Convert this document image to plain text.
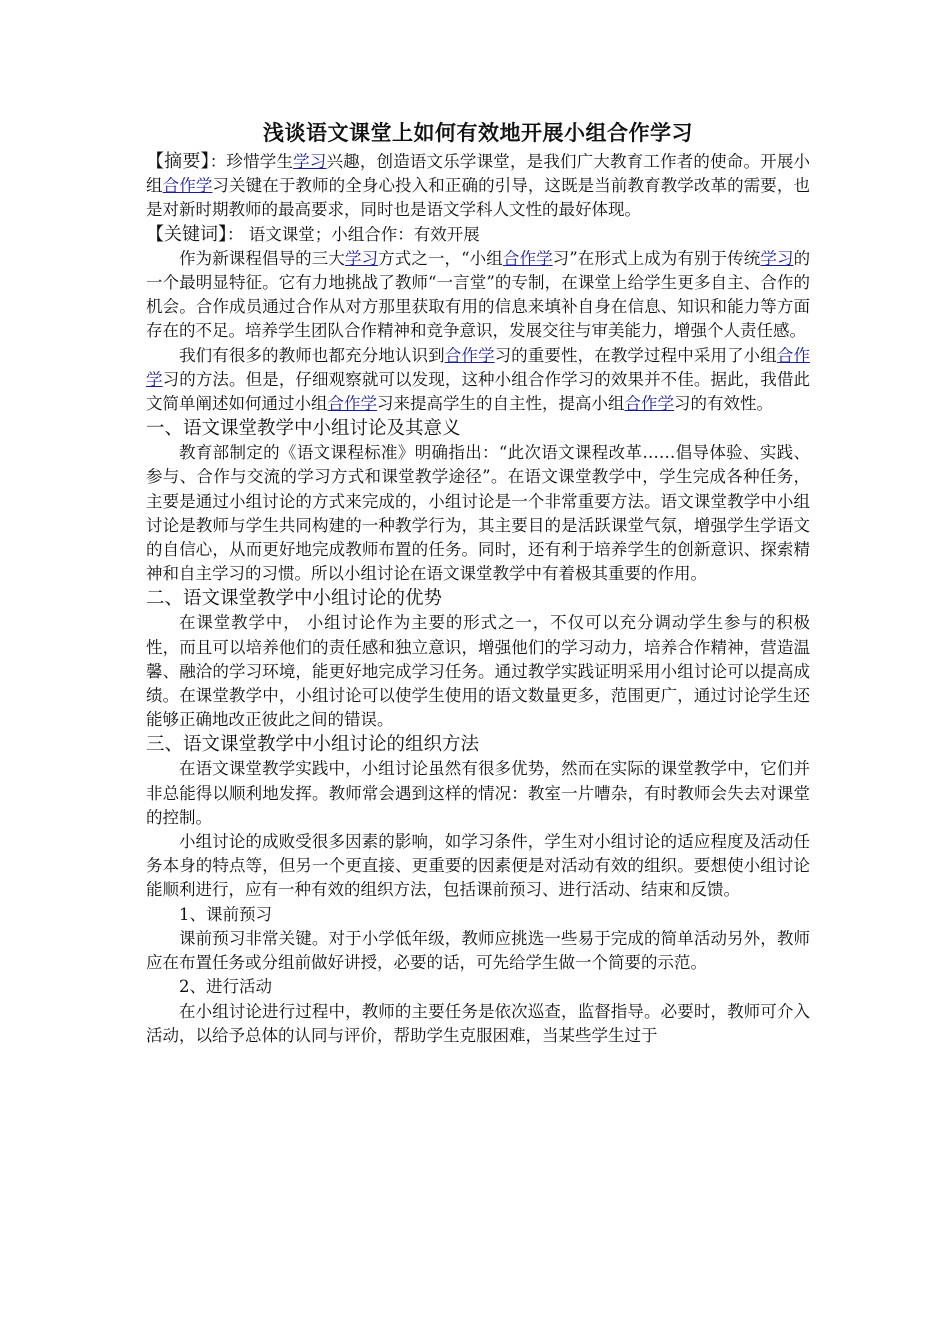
浅谈语文课堂上如何有效地开展小组合作学习

【摘要】：珍惜学生学习兴趣，创造语文乐学课堂，是我们广大教育工作者的使命。开展小组合作学习关键在于教师的全身心投入和正确的引导，这既是当前教育教学改革的需要，也是对新时期教师的最高要求，同时也是语文学科人文性的最好体现。

【关键词】： 语文课堂；小组合作：有效开展

作为新课程倡导的三大学习方式之一，“小组合作学习”在形式上成为有别于传统学习的一个最明显特征。它有力地挑战了教师“一言堂”的专制，在课堂上给学生更多自主、合作的机会。合作成员通过合作从对方那里获取有用的信息来填补自身在信息、知识和能力等方面存在的不足。培养学生团队合作精神和竞争意识，发展交往与审美能力，增强个人责任感。

我们有很多的教师也都充分地认识到合作学习的重要性，在教学过程中采用了小组合作学习的方法。但是，仔细观察就可以发现，这种小组合作学习的效果并不佳。据此，我借此文简单阐述如何通过小组合作学习来提高学生的自主性，提高小组合作学习的有效性。

一、语文课堂教学中小组讨论及其意义

教育部制定的《语文课程标准》明确指出：“此次语文课程改革……倡导体验、实践、参与、合作与交流的学习方式和课堂教学途径”。在语文课堂教学中，学生完成各种任务，主要是通过小组讨论的方式来完成的，小组讨论是一个非常重要方法。语文课堂教学中小组讨论是教师与学生共同构建的一种教学行为，其主要目的是活跃课堂气氛，增强学生学语文的自信心，从而更好地完成教师布置的任务。同时，还有利于培养学生的创新意识、探索精神和自主学习的习惯。所以小组讨论在语文课堂教学中有着极其重要的作用。

二、语文课堂教学中小组讨论的优势

在课堂教学中， 小组讨论作为主要的形式之一，不仅可以充分调动学生参与的积极性，而且可以培养他们的责任感和独立意识，增强他们的学习动力，培养合作精神，营造温馨、融洽的学习环境，能更好地完成学习任务。通过教学实践证明采用小组讨论可以提高成绩。在课堂教学中，小组讨论可以使学生使用的语文数量更多，范围更广，通过讨论学生还能够正确地改正彼此之间的错误。

三、语文课堂教学中小组讨论的组织方法

在语文课堂教学实践中，小组讨论虽然有很多优势，然而在实际的课堂教学中，它们并非总能得以顺利地发挥。教师常会遇到这样的情况：教室一片嘈杂，有时教师会失去对课堂的控制。

小组讨论的成败受很多因素的影响，如学习条件，学生对小组讨论的适应程度及活动任务本身的特点等，但另一个更直接、更重要的因素便是对活动有效的组织。要想使小组讨论能顺利进行，应有一种有效的组织方法，包括课前预习、进行活动、结束和反馈。

1、课前预习

课前预习非常关键。对于小学低年级，教师应挑选一些易于完成的简单活动另外，教师应在布置任务或分组前做好讲授，必要的话，可先给学生做一个简要的示范。

2、进行活动

在小组讨论进行过程中，教师的主要任务是依次巡查，监督指导。必要时，教师可介入活动，以给予总体的认同与评价，帮助学生克服困难，当某些学生过于
